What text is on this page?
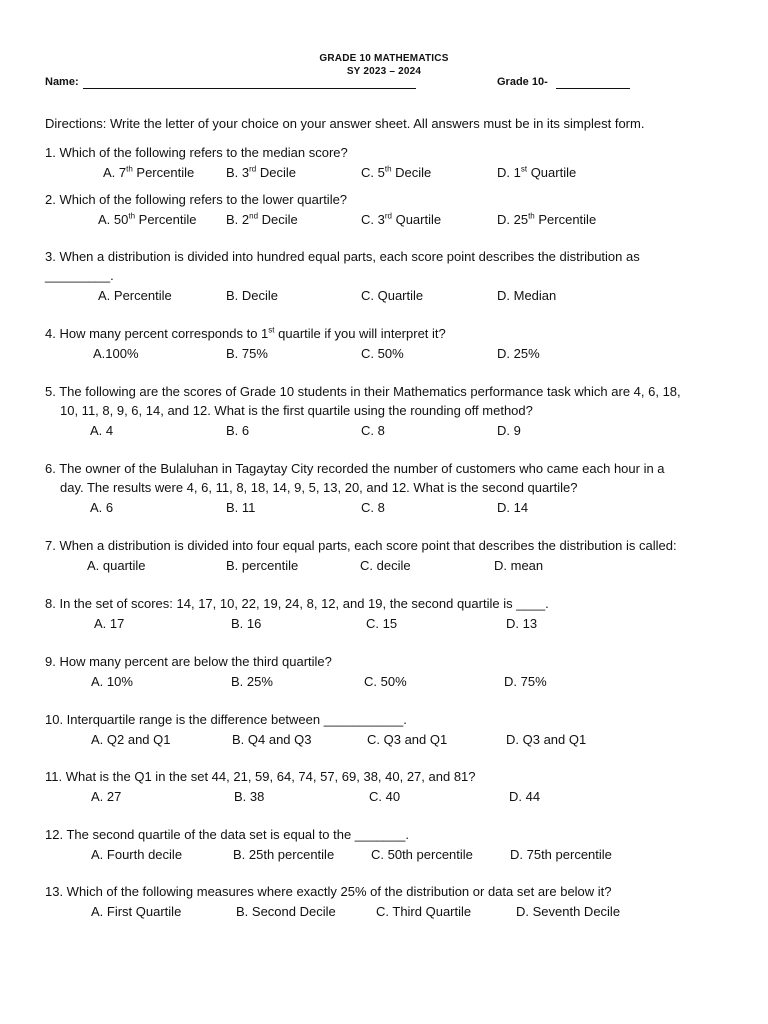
GRADE 10 MATHEMATICS
SY 2023 – 2024
Name:	Grade 10-
Directions: Write the letter of your choice on your answer sheet. All answers must be in its simplest form.
1. Which of the following refers to the median score?
A. 7th Percentile B. 3rd Decile	C. 5th Decile	D. 1st Quartile
2. Which of the following refers to the lower quartile?
A. 50th Percentile B. 2nd Decile	C. 3rd Quartile	D. 25th Percentile
3. When a distribution is divided into hundred equal parts, each score point describes the distribution as
_________.
A. Percentile	B. Decile	C. Quartile	D. Median
4. How many percent corresponds to 1st quartile if you will interpret it?
A.100%	B. 75%	C. 50%	D. 25%
5. The following are the scores of Grade 10 students in their Mathematics performance task which are 4, 6, 18,
10, 11, 8, 9, 6, 14, and 12. What is the first quartile using the rounding off method?
A. 4	B. 6	C. 8	D. 9
6. The owner of the Bulaluhan in Tagaytay City recorded the number of customers who came each hour in a
day. The results were 4, 6, 11, 8, 18, 14, 9, 5, 13, 20, and 12. What is the second quartile?
A. 6	B. 11	C. 8	D. 14
7. When a distribution is divided into four equal parts, each score point that describes the distribution is called:
A. quartile	B. percentile	C. decile	D. mean
8. In the set of scores: 14, 17, 10, 22, 19, 24, 8, 12, and 19, the second quartile is ____.
A. 17	B. 16	C. 15	D. 13
9. How many percent are below the third quartile?
A. 10%	B. 25%	C. 50%	D. 75%
10. Interquartile range is the difference between ___________.
A. Q2 and Q1	B. Q4 and Q3	C. Q3 and Q1	D. Q3 and Q1
11. What is the Q1 in the set 44, 21, 59, 64, 74, 57, 69, 38, 40, 27, and 81?
A. 27	B. 38	C. 40	D. 44
12. The second quartile of the data set is equal to the _______.
A. Fourth decile	B. 25th percentile	C. 50th percentile	D. 75th percentile
13. Which of the following measures where exactly 25% of the distribution or data set are below it?
A. First Quartile	B. Second Decile	C. Third Quartile	D. Seventh Decile
